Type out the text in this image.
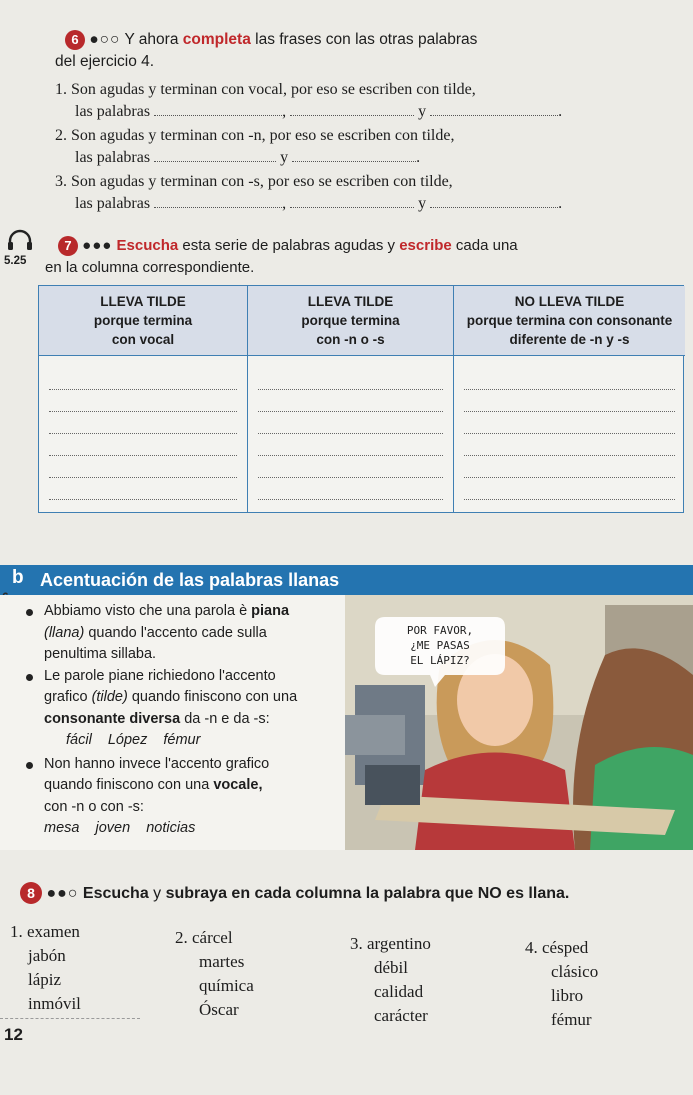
6 ●○○ Y ahora completa las frases con las otras palabras
del ejercicio 4.
1. Son agudas y terminan con vocal, por eso se escriben con tilde,
las palabras	,	y	.
2. Son agudas y terminan con -n, por eso se escriben con tilde,
las palabras	y	.
3. Son agudas y terminan con -s, por eso se escriben con tilde,
las palabras	,	y	.
5.25
7 ●●● Escucha esta serie de palabras agudas y escribe cada una
en la columna correspondiente.
LLEVA TILDE
porque termina
con vocal
LLEVA TILDE
porque termina
con -n o -s
NO LLEVA TILDE
porque termina con consonante
diferente de -n y -s
Acentuación de las palabras llanas
b
Abbiamo visto che una parola è piana
(llana) quando l'accento cade sulla
penultima sillaba.
Le parole piane richiedono l'accento
grafico (tilde) quando finiscono con una
consonante diversa da -n e da -s:
fácil López fémur
Non hanno invece l'accento grafico
quando finiscono con una vocale,
con -n o con -s:
mesa joven noticias
POR FAVOR,
¿ME PASAS
EL LÁPIZ?
8 ●●○ Escucha y subraya en cada columna la palabra que NO es llana.
1. examen
jabón
lápiz
inmóvil
2. cárcel
martes
química
Óscar
3. argentino
débil
calidad
carácter
4. césped
clásico
libro
fémur
12
